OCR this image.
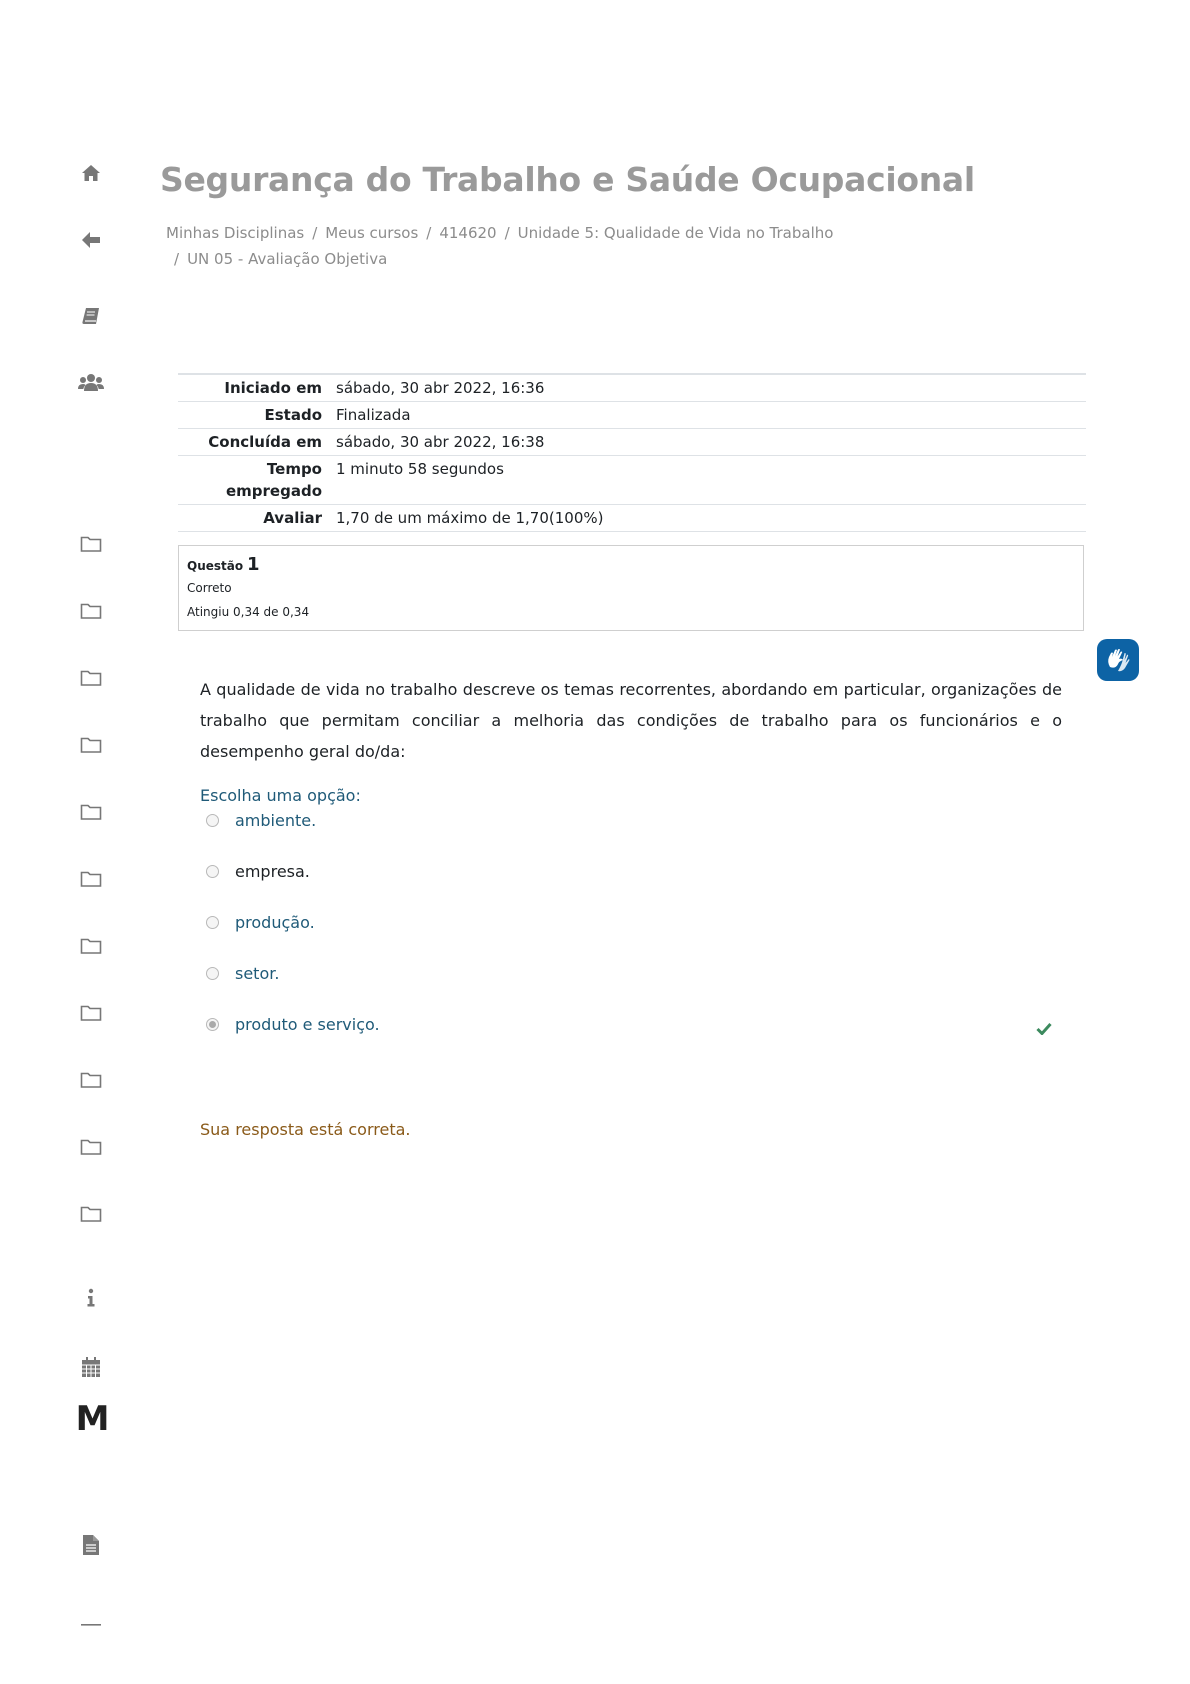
M
Segurança do Trabalho e Saúde Ocupacional
Minhas Disciplinas / Meus cursos / 414620 / Unidade 5: Qualidade de Vida no Trabalho
/ UN 05 - Avaliação Objetiva
Iniciado em	sábado, 30 abr 2022, 16:36
Estado	Finalizada
Concluída em	sábado, 30 abr 2022, 16:38
Tempo empregado	1 minuto 58 segundos
Avaliar	1,70 de um máximo de 1,70(100%)
Questão 1
Correto
Atingiu 0,34 de 0,34

A qualidade de vida no trabalho descreve os temas recorrentes, abordando em particular, organizações de trabalho que permitam conciliar a melhoria das condições de trabalho para os funcionários e o desempenho geral do/da:

Escolha uma opção:
ambiente.
empresa.
produção.
setor.
produto e serviço.
Sua resposta está correta.
